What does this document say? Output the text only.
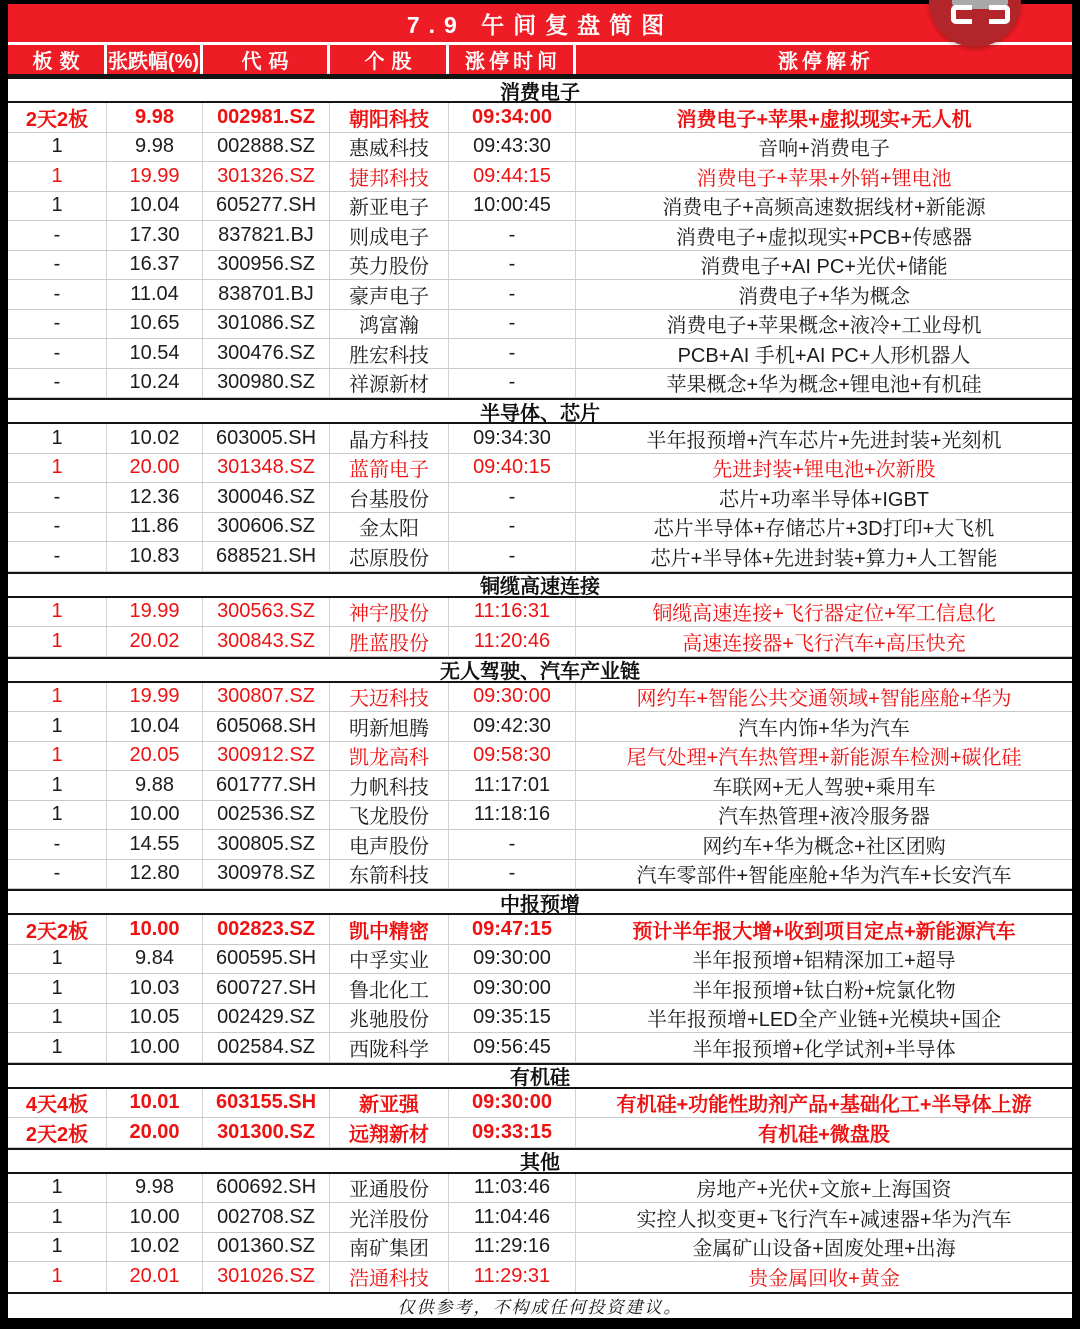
7.9 午间复盘简图
板数	张跌幅(%)	代码	个股	涨停时间	涨停解析
消费电子
2天2板	9.98	002981.SZ	朝阳科技	09:34:00	消费电子+苹果+虚拟现实+无人机
1	9.98	002888.SZ	惠威科技	09:43:30	音响+消费电子
1	19.99	301326.SZ	捷邦科技	09:44:15	消费电子+苹果+外销+锂电池
1	10.04	605277.SH	新亚电子	10:00:45	消费电子+高频高速数据线材+新能源
-	17.30	837821.BJ	则成电子	-	消费电子+虚拟现实+PCB+传感器
-	16.37	300956.SZ	英力股份	-	消费电子+AI PC+光伏+储能
-	11.04	838701.BJ	豪声电子	-	消费电子+华为概念
-	10.65	301086.SZ	鸿富瀚	-	消费电子+苹果概念+液冷+工业母机
-	10.54	300476.SZ	胜宏科技	-	PCB+AI 手机+AI PC+人形机器人
-	10.24	300980.SZ	祥源新材	-	苹果概念+华为概念+锂电池+有机硅
半导体、芯片
1	10.02	603005.SH	晶方科技	09:34:30	半年报预增+汽车芯片+先进封装+光刻机
1	20.00	301348.SZ	蓝箭电子	09:40:15	先进封装+锂电池+次新股
-	12.36	300046.SZ	台基股份	-	芯片+功率半导体+IGBT
-	11.86	300606.SZ	金太阳	-	芯片半导体+存储芯片+3D打印+大飞机
-	10.83	688521.SH	芯原股份	-	芯片+半导体+先进封装+算力+人工智能
铜缆高速连接
1	19.99	300563.SZ	神宇股份	11:16:31	铜缆高速连接+飞行器定位+军工信息化
1	20.02	300843.SZ	胜蓝股份	11:20:46	高速连接器+飞行汽车+高压快充
无人驾驶、汽车产业链
1	19.99	300807.SZ	天迈科技	09:30:00	网约车+智能公共交通领域+智能座舱+华为
1	10.04	605068.SH	明新旭腾	09:42:30	汽车内饰+华为汽车
1	20.05	300912.SZ	凯龙高科	09:58:30	尾气处理+汽车热管理+新能源车检测+碳化硅
1	9.88	601777.SH	力帆科技	11:17:01	车联网+无人驾驶+乘用车
1	10.00	002536.SZ	飞龙股份	11:18:16	汽车热管理+液冷服务器
-	14.55	300805.SZ	电声股份	-	网约车+华为概念+社区团购
-	12.80	300978.SZ	东箭科技	-	汽车零部件+智能座舱+华为汽车+长安汽车
中报预增
2天2板	10.00	002823.SZ	凯中精密	09:47:15	预计半年报大增+收到项目定点+新能源汽车
1	9.84	600595.SH	中孚实业	09:30:00	半年报预增+铝精深加工+超导
1	10.03	600727.SH	鲁北化工	09:30:00	半年报预增+钛白粉+烷氯化物
1	10.05	002429.SZ	兆驰股份	09:35:15	半年报预增+LED全产业链+光模块+国企
1	10.00	002584.SZ	西陇科学	09:56:45	半年报预增+化学试剂+半导体
有机硅
4天4板	10.01	603155.SH	新亚强	09:30:00	有机硅+功能性助剂产品+基础化工+半导体上游
2天2板	20.00	301300.SZ	远翔新材	09:33:15	有机硅+微盘股
其他
1	9.98	600692.SH	亚通股份	11:03:46	房地产+光伏+文旅+上海国资
1	10.00	002708.SZ	光洋股份	11:04:46	实控人拟变更+飞行汽车+减速器+华为汽车
1	10.02	001360.SZ	南矿集团	11:29:16	金属矿山设备+固废处理+出海
1	20.01	301026.SZ	浩通科技	11:29:31	贵金属回收+黄金
仅供参考，不构成任何投资建议。
